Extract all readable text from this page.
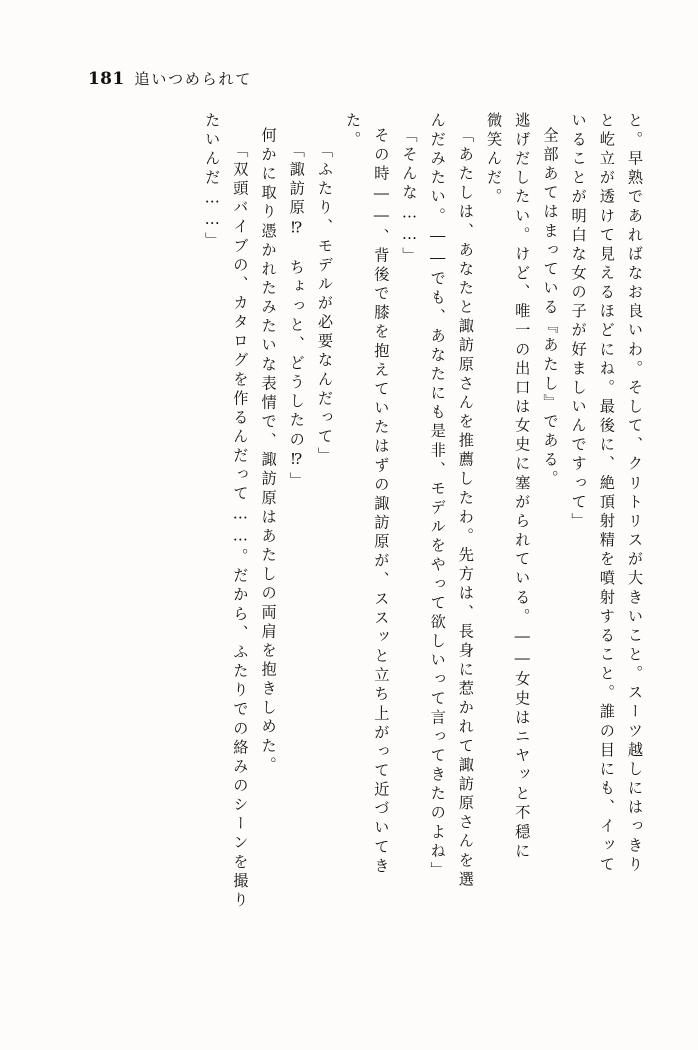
181 追いつめられて
と。早熟であればなお良いわ。そして、クリトリスが大きいこと。スーツ越しにはっきり
と屹立が透けて見えるほどにね。最後に、絶頂射精を噴射すること。誰の目にも、イッて
いることが明白な女の子が好ましいんですって」
全部あてはまっている『あたし』である。
逃げだしたい。けど、唯一の出口は女史に塞がられている。――女史はニヤッと不穏に
微笑んだ。
「あたしは、あなたと諏訪原さんを推薦したわ。先方は、長身に惹かれて諏訪原さんを選
んだみたい。――でも、あなたにも是非、モデルをやって欲しいって言ってきたのよね」
「そんな……」
その時――、背後で膝を抱えていたはずの諏訪原が、ススッと立ち上がって近づいてき
た。
「ふたり、モデルが必要なんだって」
「諏訪原⁉　ちょっと、どうしたの⁉」
何かに取り憑かれたみたいな表情で、諏訪原はあたしの両肩を抱きしめた。
「双頭バイブの、カタログを作るんだって……。だから、ふたりでの絡みのシーンを撮り
たいんだ……」
